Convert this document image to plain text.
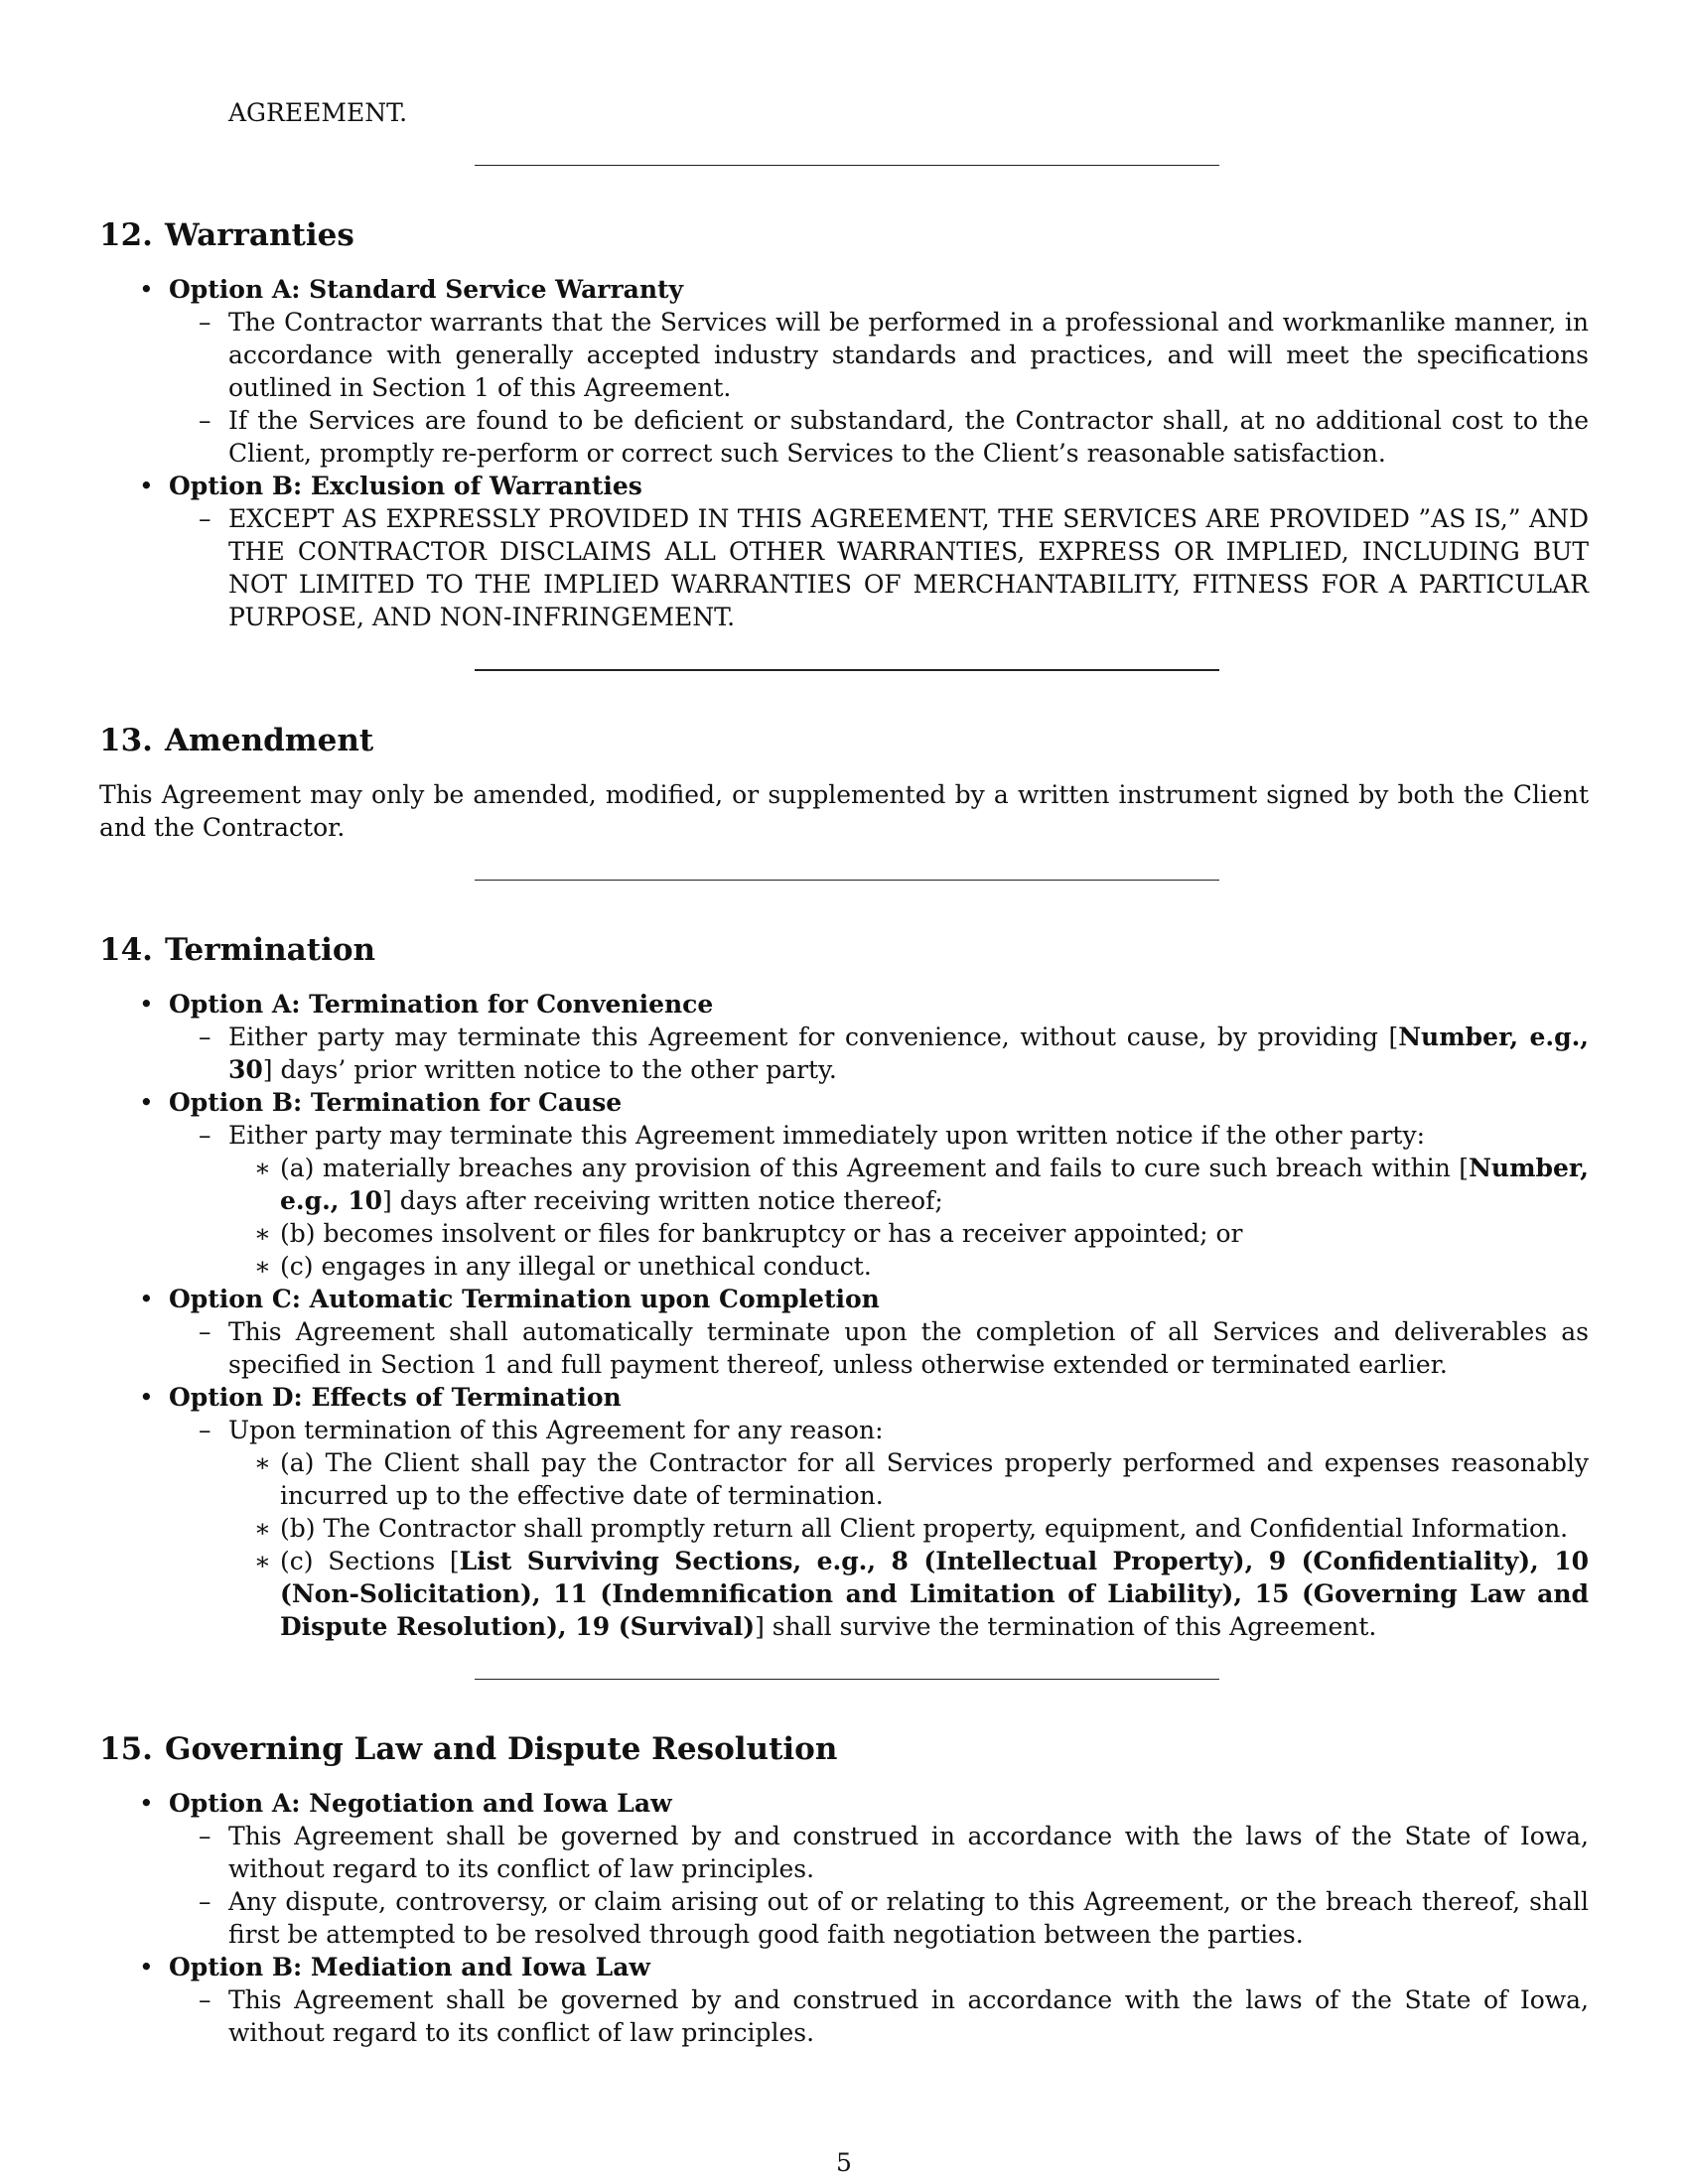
AGREEMENT.
12. Warranties
• Option A: Standard Service Warranty
– The Contractor warrants that the Services will be performed in a professional and workmanlike manner, in accordance with generally accepted industry standards and practices, and will meet the specifications outlined in Section 1 of this Agreement.
– If the Services are found to be deficient or substandard, the Contractor shall, at no additional cost to the Client, promptly re-perform or correct such Services to the Client’s reasonable satisfaction.
• Option B: Exclusion of Warranties
– EXCEPT AS EXPRESSLY PROVIDED IN THIS AGREEMENT, THE SERVICES ARE PROVIDED ”AS IS,” AND THE CONTRACTOR DISCLAIMS ALL OTHER WARRANTIES, EXPRESS OR IMPLIED, INCLUDING BUT NOT LIMITED TO THE IMPLIED WARRANTIES OF MERCHANTABILITY, FITNESS FOR A PARTICULAR PURPOSE, AND NON-INFRINGEMENT.
13. Amendment

This Agreement may only be amended, modified, or supplemented by a written instrument signed by both the Client and the Contractor.

14. Termination
• Option A: Termination for Convenience
– Either party may terminate this Agreement for convenience, without cause, by providing [Number, e.g., 30] days’ prior written notice to the other party.
• Option B: Termination for Cause
– Either party may terminate this Agreement immediately upon written notice if the other party:
∗ (a) materially breaches any provision of this Agreement and fails to cure such breach within [Number, e.g., 10] days after receiving written notice thereof;
∗ (b) becomes insolvent or files for bankruptcy or has a receiver appointed; or
∗ (c) engages in any illegal or unethical conduct.
• Option C: Automatic Termination upon Completion
– This Agreement shall automatically terminate upon the completion of all Services and deliverables as specified in Section 1 and full payment thereof, unless otherwise extended or terminated earlier.
• Option D: Effects of Termination
– Upon termination of this Agreement for any reason:
∗ (a) The Client shall pay the Contractor for all Services properly performed and expenses reasonably incurred up to the effective date of termination.
∗ (b) The Contractor shall promptly return all Client property, equipment, and Confidential Information.
∗ (c) Sections [List Surviving Sections, e.g., 8 (Intellectual Property), 9 (Confidentiality), 10 (Non-Solicitation), 11 (Indemnification and Limitation of Liability), 15 (Governing Law and Dispute Resolution), 19 (Survival)] shall survive the termination of this Agreement.
15. Governing Law and Dispute Resolution
• Option A: Negotiation and Iowa Law
– This Agreement shall be governed by and construed in accordance with the laws of the State of Iowa, without regard to its conflict of law principles.
– Any dispute, controversy, or claim arising out of or relating to this Agreement, or the breach thereof, shall first be attempted to be resolved through good faith negotiation between the parties.
• Option B: Mediation and Iowa Law
– This Agreement shall be governed by and construed in accordance with the laws of the State of Iowa, without regard to its conflict of law principles.
5
